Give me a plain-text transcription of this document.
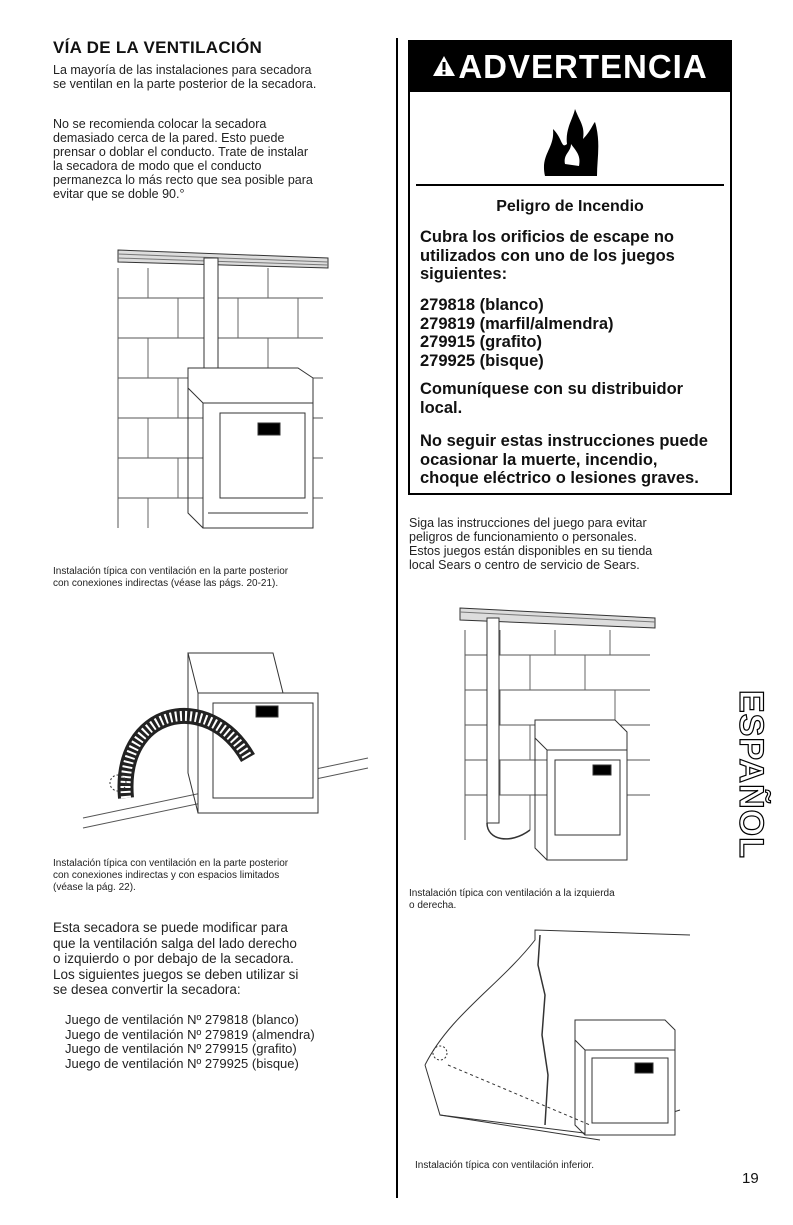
VÍA DE LA VENTILACIÓN
La mayoría de las instalaciones para secadora
se ventilan en la parte posterior de la secadora.
No se recomienda colocar la secadora
demasiado cerca de la pared. Esto puede
prensar o doblar el conducto. Trate de instalar
la secadora de modo que el conducto
permanezca lo más recto que sea posible para
evitar que se doble 90.°
Instalación típica con ventilación en la parte posterior
con conexiones indirectas (véase las págs. 20-21).
Instalación típica con ventilación en la parte posterior
con conexiones indirectas y con espacios limitados
(véase la pág. 22).
Esta secadora se puede modificar para
que la ventilación salga del lado derecho
o izquierdo o por debajo de la secadora.
Los siguientes juegos se deben utilizar si
se desea convertir la secadora:
Juego de ventilación Nº 279818 (blanco)
Juego de ventilación Nº 279819 (almendra)
Juego de ventilación Nº 279915 (grafito)
Juego de ventilación Nº 279925 (bisque)
ADVERTENCIA
Peligro de Incendio
Cubra los orificios de escape no
utilizados con uno de los juegos
siguientes:
279818 (blanco)
279819 (marfil/almendra)
279915 (grafito)
279925 (bisque)
Comuníquese con su distribuidor
local.
No seguir estas instrucciones puede
ocasionar la muerte, incendio,
choque eléctrico o lesiones graves.
Siga las instrucciones del juego para evitar
peligros de funcionamiento o personales.
Estos juegos están disponibles en su tienda
local Sears o centro de servicio de Sears.
Instalación típica con ventilación a la izquierda
o derecha.
Instalación típica con ventilación inferior.
ESPAÑOL
19
